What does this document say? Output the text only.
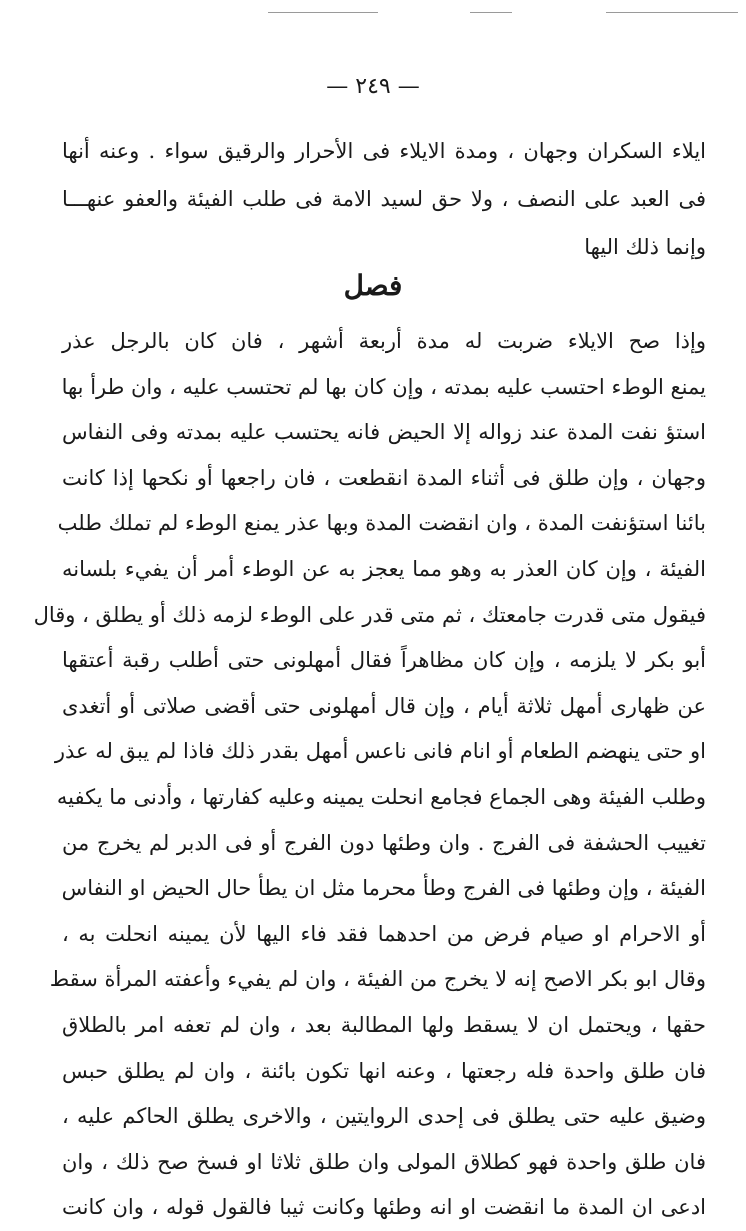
— ٢٤٩ —
ايلاء السكران وجهان ، ومدة الايلاء فى الأحرار والرقيق سواء . وعنه أنها
فى العبد على النصف ، ولا حق لسيد الامة فى طلب الفيئة والعفو عنهـــا
وإنما ذلك اليها
فصل
وإذا صح الايلاء ضربت له مدة أربعة أشهر ، فان كان بالرجل عذر
يمنع الوطء احتسب عليه بمدته ، وإن كان بها لم تحتسب عليه ، وان طرأ بها
استؤ نفت المدة عند زواله إلا الحيض فانه يحتسب عليه بمدته وفى النفاس
وجهان ، وإن طلق فى أثناء المدة انقطعت ، فان راجعها أو نكحها إذا كانت
بائنا استؤنفت المدة ، وان انقضت المدة وبها عذر يمنع الوطء لم تملك طلب
الفيئة ، وإن كان العذر به وهو مما يعجز به عن الوطء أمر أن يفيء بلسانه
فيقول متى قدرت جامعتك ، ثم متى قدر على الوطء لزمه ذلك أو يطلق ، وقال
أبو بكر لا يلزمه ، وإن كان مظاهراً فقال أمهلونى حتى أطلب رقبة أعتقها
عن ظهارى أمهل ثلاثة أيام ، وإن قال أمهلونى حتى أقضى صلاتى أو أتغدى
او حتى ينهضم الطعام أو انام فانى ناعس أمهل بقدر ذلك فاذا لم يبق له عذر
وطلب الفيئة وهى الجماع فجامع انحلت يمينه وعليه كفارتها ، وأدنى ما يكفيه
تغييب الحشفة فى الفرج . وان وطئها دون الفرج أو فى الدبر لم يخرج من
الفيئة ، وإن وطئها فى الفرج وطأ محرما مثل ان يطأ حال الحيض او النفاس
أو الاحرام او صيام فرض من احدهما فقد فاء اليها لأن يمينه انحلت به ،
وقال ابو بكر الاصح إنه لا يخرج من الفيئة ، وان لم يفيء وأعفته المرأة سقط
حقها ، ويحتمل ان لا يسقط ولها المطالبة بعد ، وان لم تعفه امر بالطلاق
فان طلق واحدة فله رجعتها ، وعنه انها تكون بائنة ، وان لم يطلق حبس
وضيق عليه حتى يطلق فى إحدى الروايتين ، والاخرى يطلق الحاكم عليه ،
فان طلق واحدة فهو كطلاق المولى وان طلق ثلاثا او فسخ صح ذلك ، وان
ادعى ان المدة ما انقضت او انه وطئها وكانت ثيبا فالقول قوله ، وان كانت
